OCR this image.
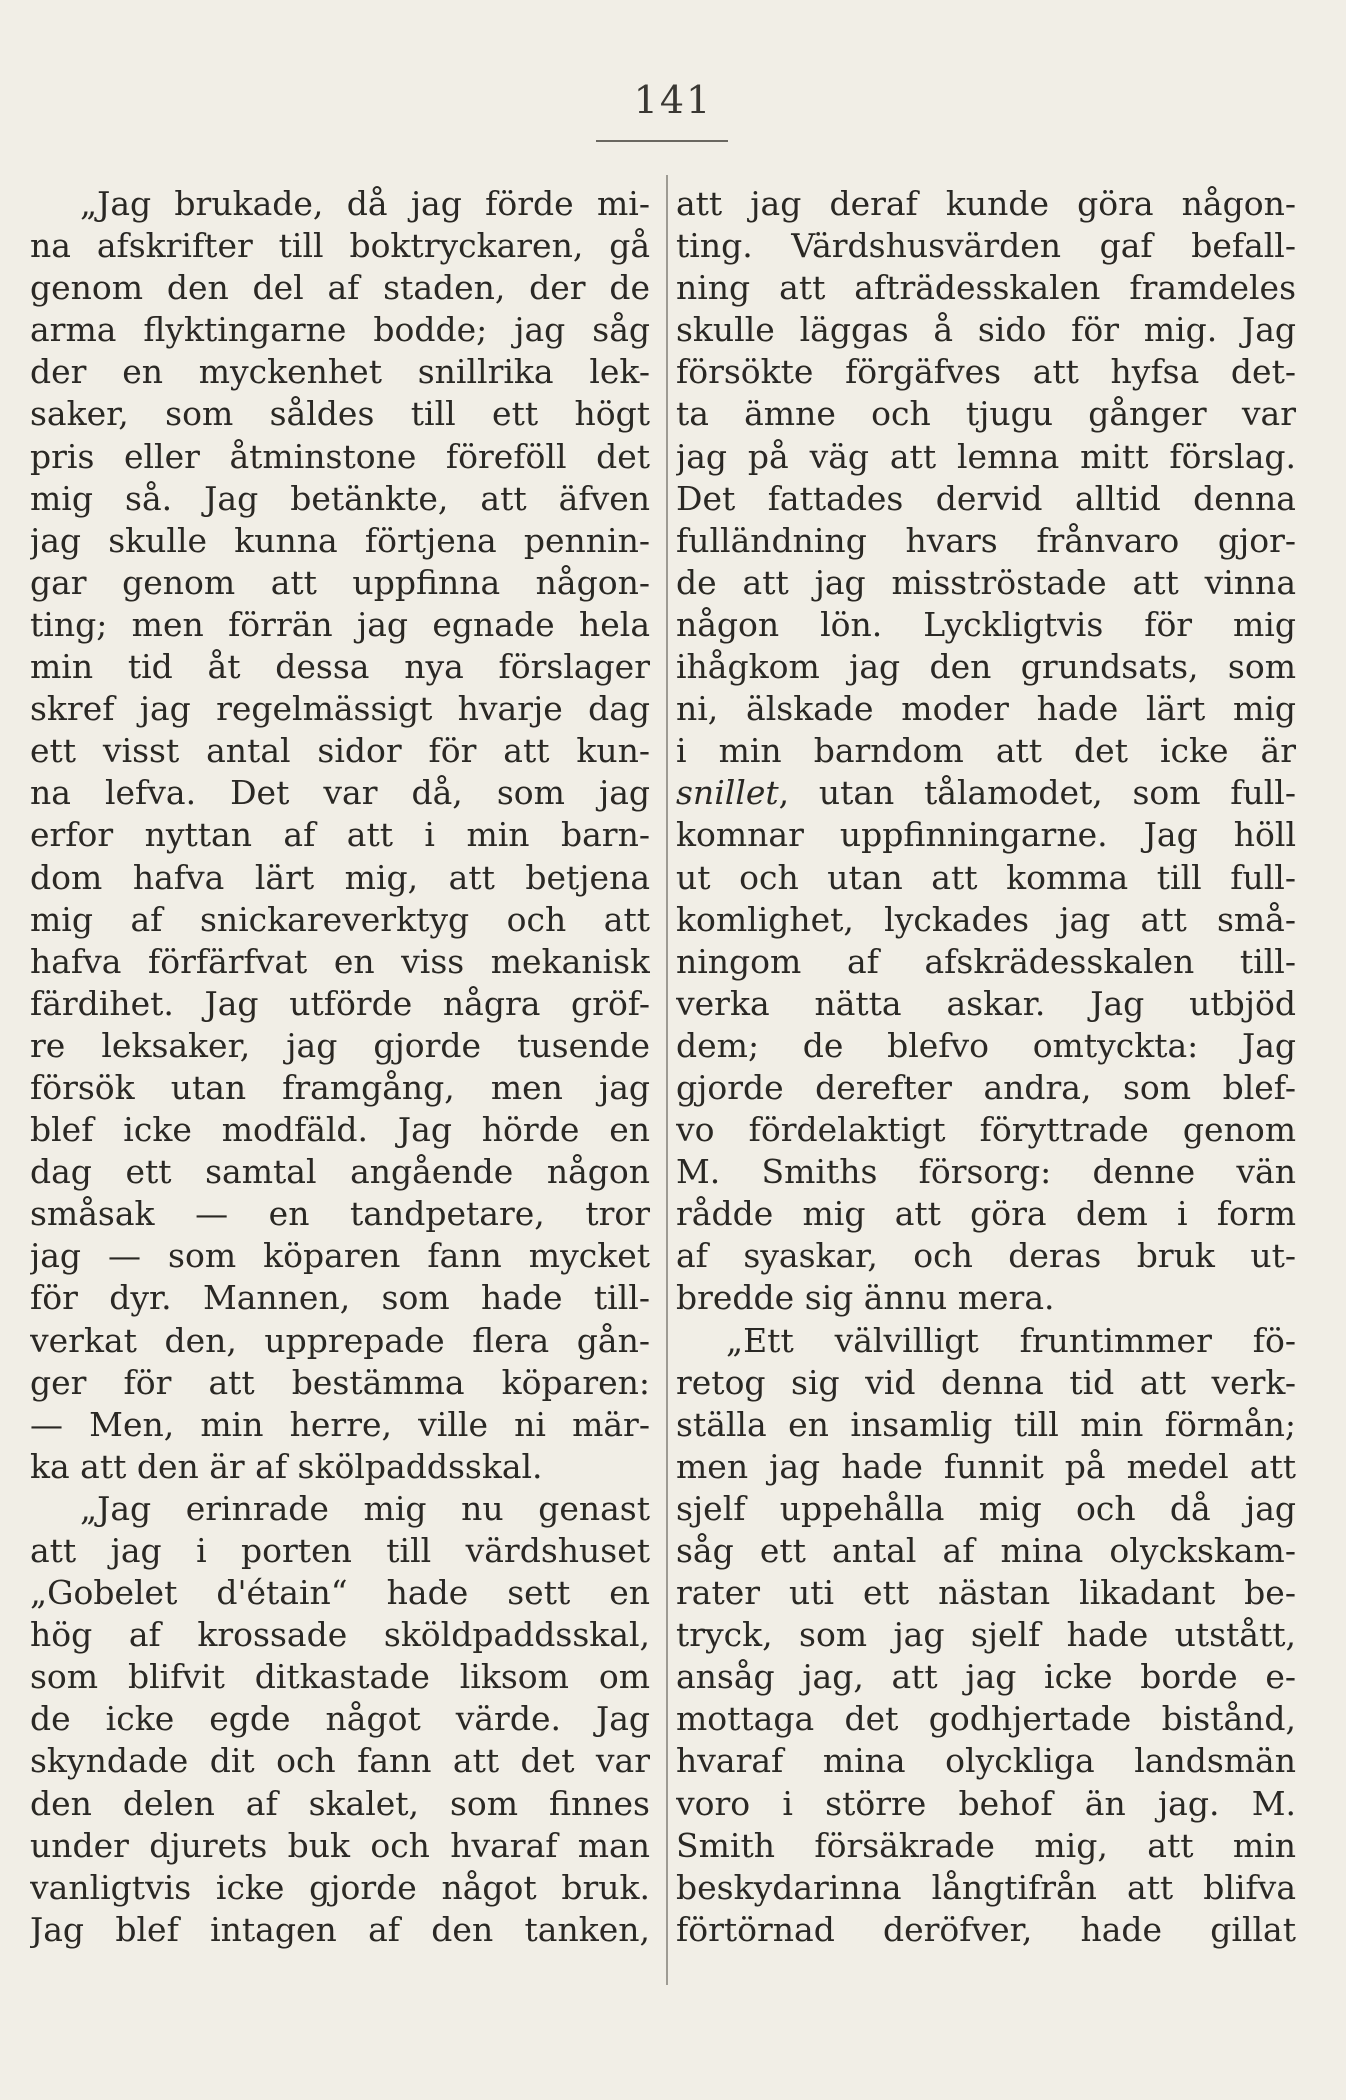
141
„Jag brukade, då jag förde mi-
na afskrifter till boktryckaren, gå
genom den del af staden, der de
arma flyktingarne bodde; jag såg
der en myckenhet snillrika lek-
saker, som såldes till ett högt
pris eller åtminstone föreföll det
mig så. Jag betänkte, att äfven
jag skulle kunna förtjena pennin-
gar genom att uppfinna någon-
ting; men förrän jag egnade hela
min tid åt dessa nya förslager
skref jag regelmässigt hvarje dag
ett visst antal sidor för att kun-
na lefva. Det var då, som jag
erfor nyttan af att i min barn-
dom hafva lärt mig, att betjena
mig af snickareverktyg och att
hafva förfärfvat en viss mekanisk
färdihet. Jag utförde några gröf-
re leksaker, jag gjorde tusende
försök utan framgång, men jag
blef icke modfäld. Jag hörde en
dag ett samtal angående någon
småsak — en tandpetare, tror
jag — som köparen fann mycket
för dyr. Mannen, som hade till-
verkat den, upprepade flera gån-
ger för att bestämma köparen:
— Men, min herre, ville ni mär-
ka att den är af skölpaddsskal.
„Jag erinrade mig nu genast
att jag i porten till värdshuset
„Gobelet d'étain“ hade sett en
hög af krossade sköldpaddsskal,
som blifvit ditkastade liksom om
de icke egde något värde. Jag
skyndade dit och fann att det var
den delen af skalet, som finnes
under djurets buk och hvaraf man
vanligtvis icke gjorde något bruk.
Jag blef intagen af den tanken,
att jag deraf kunde göra någon-
ting. Värdshusvärden gaf befall-
ning att afträdesskalen framdeles
skulle läggas å sido för mig. Jag
försökte förgäfves att hyfsa det-
ta ämne och tjugu gånger var
jag på väg att lemna mitt förslag.
Det fattades dervid alltid denna
fulländning hvars frånvaro gjor-
de att jag misströstade att vinna
någon lön. Lyckligtvis för mig
ihågkom jag den grundsats, som
ni, älskade moder hade lärt mig
i min barndom att det icke är
snillet, utan tålamodet, som full-
komnar uppfinningarne. Jag höll
ut och utan att komma till full-
komlighet, lyckades jag att små-
ningom af afskrädesskalen till-
verka nätta askar. Jag utbjöd
dem; de blefvo omtyckta: Jag
gjorde derefter andra, som blef-
vo fördelaktigt föryttrade genom
M. Smiths försorg: denne vän
rådde mig att göra dem i form
af syaskar, och deras bruk ut-
bredde sig ännu mera.
„Ett välvilligt fruntimmer fö-
retog sig vid denna tid att verk-
ställa en insamlig till min förmån;
men jag hade funnit på medel att
sjelf uppehålla mig och då jag
såg ett antal af mina olyckskam-
rater uti ett nästan likadant be-
tryck, som jag sjelf hade utstått,
ansåg jag, att jag icke borde e-
mottaga det godhjertade bistånd,
hvaraf mina olyckliga landsmän
voro i större behof än jag. M.
Smith försäkrade mig, att min
beskydarinna långtifrån att blifva
förtörnad deröfver, hade gillat
